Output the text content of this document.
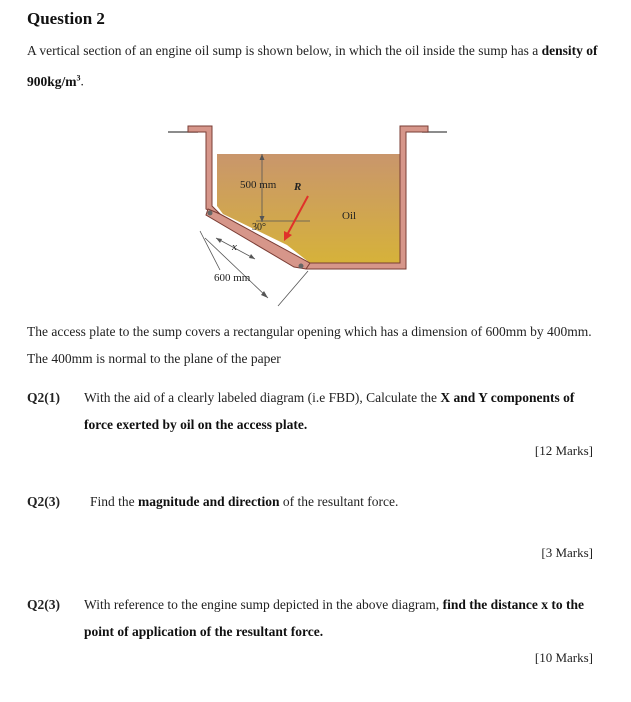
Question 2
A vertical section of an engine oil sump is shown below, in which the oil inside the sump has a density of $900kg/m^3$.
500 mm R
30°
Oil
x
600 mm
The access plate to the sump covers a rectangular opening which has a dimension of 600mm by 400mm. The 400mm is normal to the plane of the paper
Q2(1) With the aid of a clearly labeled diagram (i.e FBD), Calculate the X and Y components of force exerted by oil on the access plate.
[12 Marks]
Q2(3) Find the magnitude and direction of the resultant force.
[3 Marks]
Q2(3) With reference to the engine sump depicted in the above diagram, find the distance x to the point of application of the resultant force.
[10 Marks]
